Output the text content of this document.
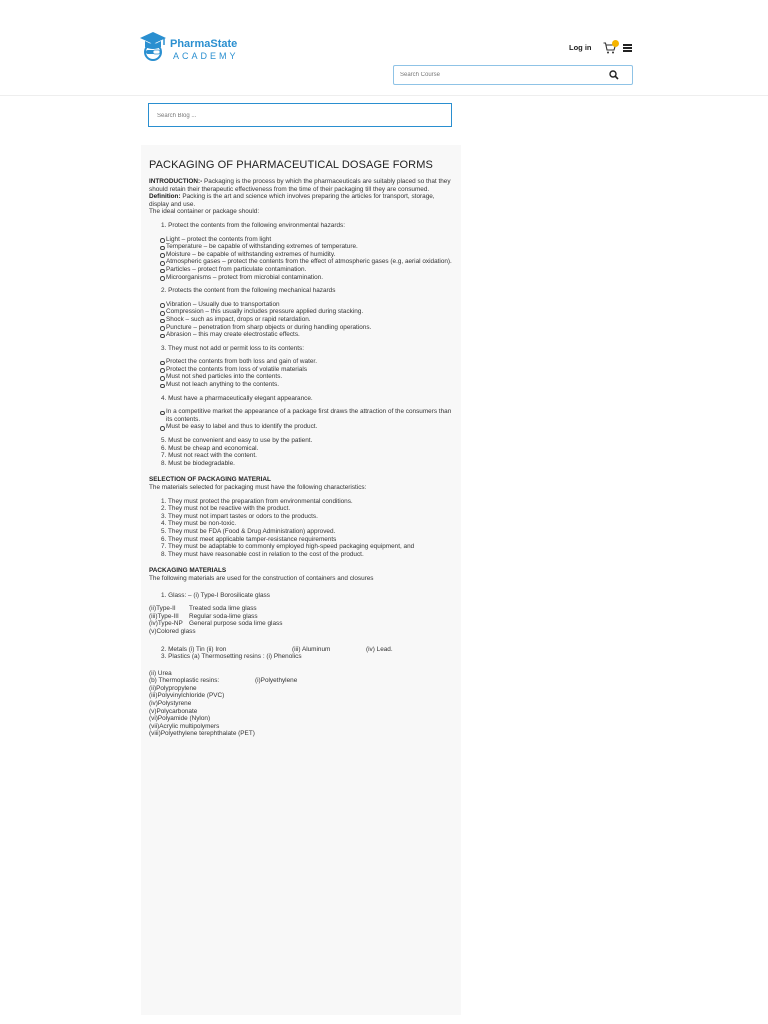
PharmaState
ACADEMY
Log in
Search Course
Search Blog ...
PACKAGING OF PHARMACEUTICAL DOSAGE FORMS

INTRODUCTION:- Packaging is the process by which the pharmaceuticals are suitably placed so that they should retain their therapeutic effectiveness from the time of their packaging till they are consumed.

Definition: Packing is the art and science which involves preparing the articles for transport, storage, display and use.

The ideal container or package should:

1. Protect the contents from the following environmental hazards:
Light – protect the contents from light
Temperature – be capable of withstanding extremes of temperature.
Moisture – be capable of withstanding extremes of humidity.
Atmospheric gases – protect the contents from the effect of atmospheric gases (e.g, aerial oxidation).
Particles – protect from particulate contamination.
Microorganisms – protect from microbial contamination.
2. Protects the content from the following mechanical hazards
Vibration – Usually due to transportation
Compression – this usually includes pressure applied during stacking.
Shock – such as impact, drops or rapid retardation.
Puncture – penetration from sharp objects or during handling operations.
Abrasion – this may create electrostatic effects.
3. They must not add or permit loss to its contents:
Protect the contents from both loss and gain of water.
Protect the contents from loss of volatile materials
Must not shed particles into the contents.
Must not leach anything to the contents.
4. Must have a pharmaceutically elegant appearance.
In a competitive market the appearance of a package first draws the attraction of the consumers than its contents.
Must be easy to label and thus to identify the product.

5. Must be convenient and easy to use by the patient.

6. Must be cheap and economical.

7. Must not react with the content.

8. Must be biodegradable.

SELECTION OF PACKAGING MATERIAL

The materials selected for packaging must have the following characteristics:

1. They must protect the preparation from environmental conditions.

2. They must not be reactive with the product.

3. They must not impart tastes or odors to the products.

4. They must be non-toxic.

5. They must be FDA (Food & Drug Administration) approved.

6. They must meet applicable tamper-resistance requirements

7. They must be adaptable to commonly employed high-speed packaging equipment, and

8. They must have reasonable cost in relation to the cost of the product.

PACKAGING MATERIALS

The following materials are used for the construction of containers and closures

1. Glass: – (i) Type-I Borosilicate glass

(ii)Type-II Treated soda lime glass

(iii)Type-III Regular soda-lime glass

(iv)Type-NP General purpose soda lime glass

(v)Colored glass

2. Metals (i) Tin (ii) Iron	(iii) Aluminum	(iv) Lead.

3. Plastics (a) Thermosetting resins : (i) Phenolics

(ii) Urea

(b) Thermoplastic resins:	(i)Polyethylene

(ii)Polypropylene

(iii)Polyvinylchloride (PVC)

(iv)Polystyrene

(v)Polycarbonate

(vi)Polyamide (Nylon)

(vii)Acrylic multipolymers

(viii)Polyethylene terephthalate (PET)
